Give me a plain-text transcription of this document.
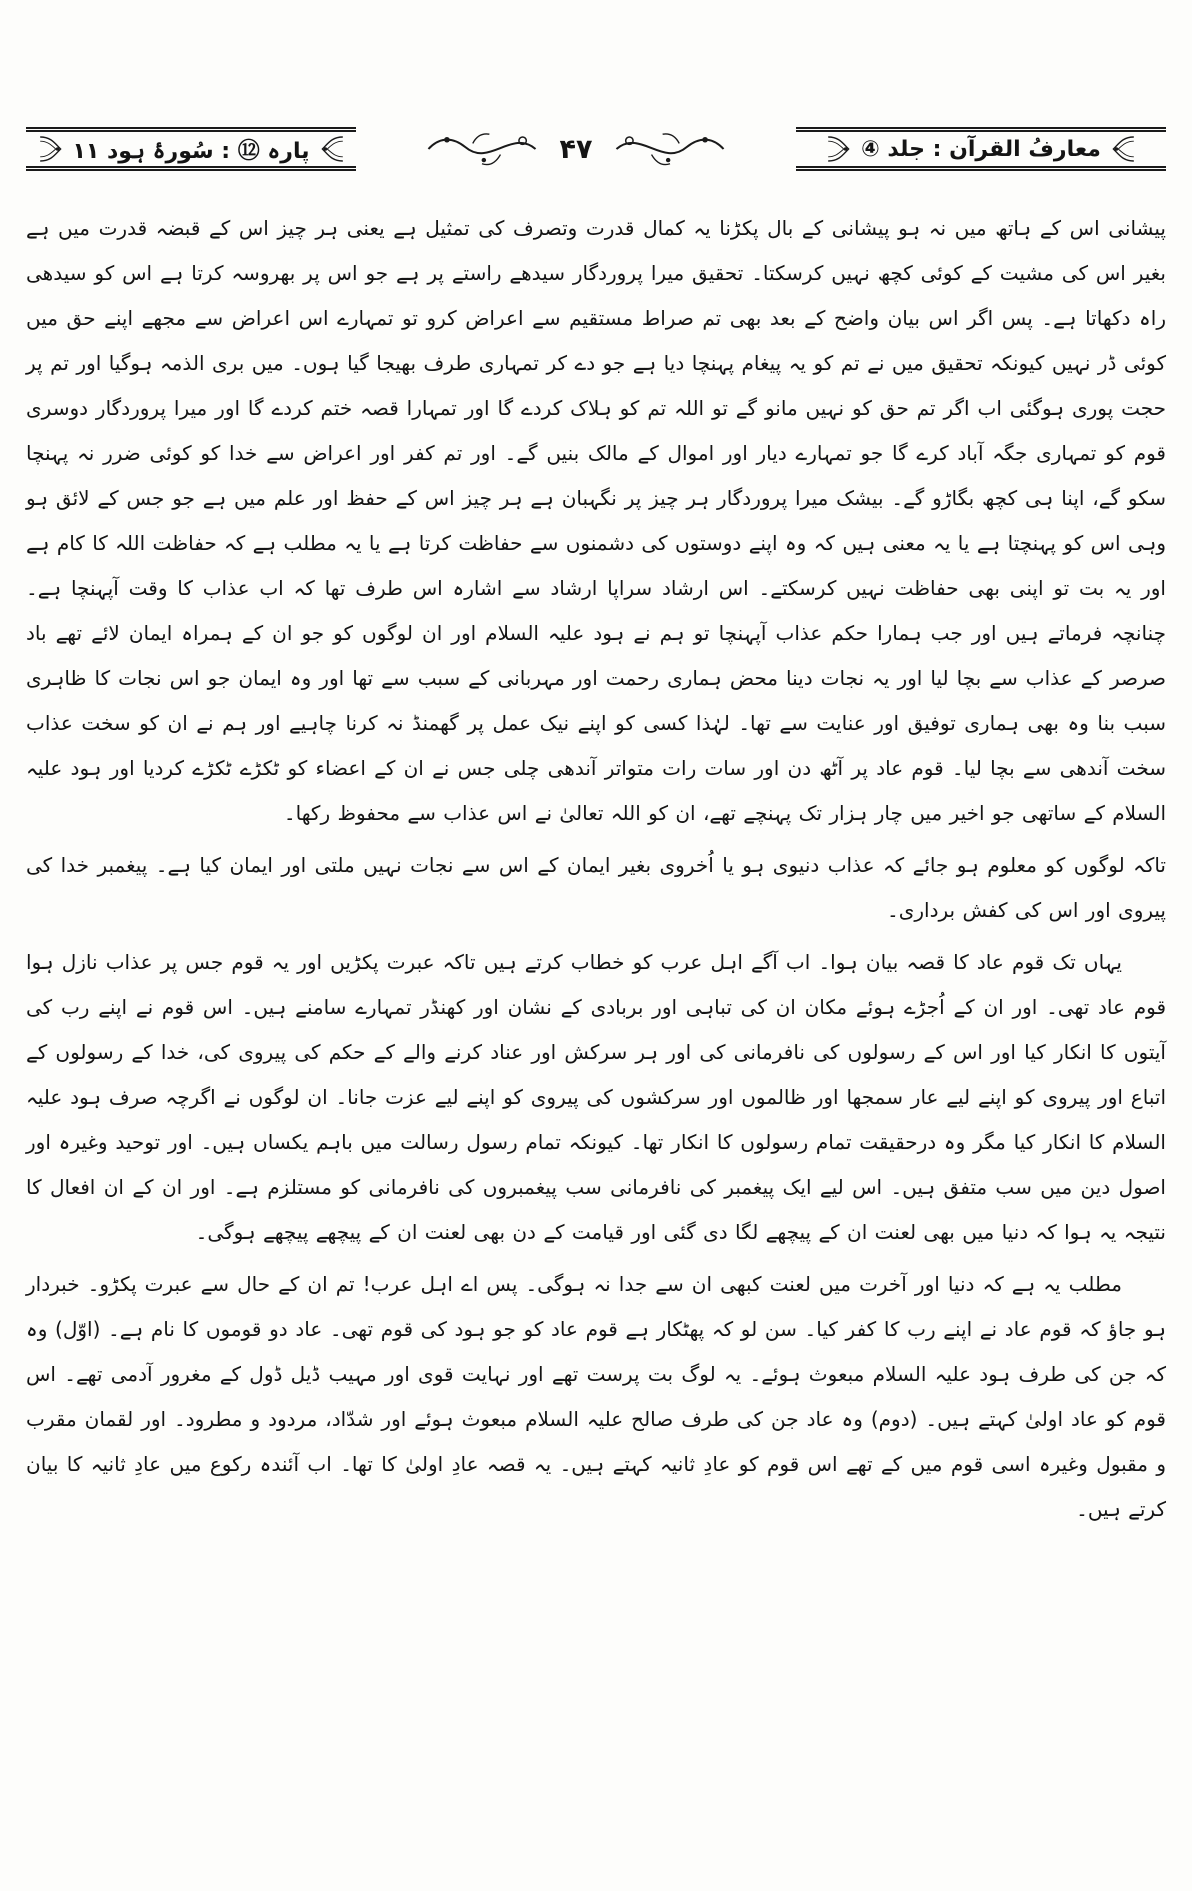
معارفُ القرآن : جلد ④
۴۷
پارہ ⑫ : سُورۂ ہود ۱۱

پیشانی اس کے ہاتھ میں نہ ہو پیشانی کے بال پکڑنا یہ کمال قدرت وتصرف کی تمثیل ہے یعنی ہر چیز اس کے قبضہ قدرت میں ہے بغیر اس کی مشیت کے کوئی کچھ نہیں کرسکتا۔ تحقیق میرا پروردگار سیدھے راستے پر ہے جو اس پر بھروسہ کرتا ہے اس کو سیدھی راہ دکھاتا ہے۔ پس اگر اس بیان واضح کے بعد بھی تم صراط مستقیم سے اعراض کرو تو تمہارے اس اعراض سے مجھے اپنے حق میں کوئی ڈر نہیں کیونکہ تحقیق میں نے تم کو یہ پیغام پہنچا دیا ہے جو دے کر تمہاری طرف بھیجا گیا ہوں۔ میں بری الذمہ ہوگیا اور تم پر حجت پوری ہوگئی اب اگر تم حق کو نہیں مانو گے تو اللہ تم کو ہلاک کردے گا اور تمہارا قصہ ختم کردے گا اور میرا پروردگار دوسری قوم کو تمہاری جگہ آباد کرے گا جو تمہارے دیار اور اموال کے مالک بنیں گے۔ اور تم کفر اور اعراض سے خدا کو کوئی ضرر نہ پہنچا سکو گے، اپنا ہی کچھ بگاڑو گے۔ بیشک میرا پروردگار ہر چیز پر نگہبان ہے ہر چیز اس کے حفظ اور علم میں ہے جو جس کے لائق ہو وہی اس کو پہنچتا ہے یا یہ معنی ہیں کہ وہ اپنے دوستوں کی دشمنوں سے حفاظت کرتا ہے یا یہ مطلب ہے کہ حفاظت اللہ کا کام ہے اور یہ بت تو اپنی بھی حفاظت نہیں کرسکتے۔ اس ارشاد سراپا ارشاد سے اشارہ اس طرف تھا کہ اب عذاب کا وقت آپہنچا ہے۔ چنانچہ فرماتے ہیں اور جب ہمارا حکم عذاب آپہنچا تو ہم نے ہود علیہ السلام اور ان لوگوں کو جو ان کے ہمراہ ایمان لائے تھے باد صرصر کے عذاب سے بچا لیا اور یہ نجات دینا محض ہماری رحمت اور مہربانی کے سبب سے تھا اور وہ ایمان جو اس نجات کا ظاہری سبب بنا وہ بھی ہماری توفیق اور عنایت سے تھا۔ لہٰذا کسی کو اپنے نیک عمل پر گھمنڈ نہ کرنا چاہیے اور ہم نے ان کو سخت عذاب سخت آندھی سے بچا لیا۔ قوم عاد پر آٹھ دن اور سات رات متواتر آندھی چلی جس نے ان کے اعضاء کو ٹکڑے ٹکڑے کردیا اور ہود علیہ السلام کے ساتھی جو اخیر میں چار ہزار تک پہنچے تھے، ان کو اللہ تعالیٰ نے اس عذاب سے محفوظ رکھا۔

تاکہ لوگوں کو معلوم ہو جائے کہ عذاب دنیوی ہو یا اُخروی بغیر ایمان کے اس سے نجات نہیں ملتی اور ایمان کیا ہے۔ پیغمبر خدا کی پیروی اور اس کی کفش برداری۔

یہاں تک قوم عاد کا قصہ بیان ہوا۔ اب آگے اہل عرب کو خطاب کرتے ہیں تاکہ عبرت پکڑیں اور یہ قوم جس پر عذاب نازل ہوا قوم عاد تھی۔ اور ان کے اُجڑے ہوئے مکان ان کی تباہی اور بربادی کے نشان اور کھنڈر تمہارے سامنے ہیں۔ اس قوم نے اپنے رب کی آیتوں کا انکار کیا اور اس کے رسولوں کی نافرمانی کی اور ہر سرکش اور عناد کرنے والے کے حکم کی پیروی کی، خدا کے رسولوں کے اتباع اور پیروی کو اپنے لیے عار سمجھا اور ظالموں اور سرکشوں کی پیروی کو اپنے لیے عزت جانا۔ ان لوگوں نے اگرچہ صرف ہود علیہ السلام کا انکار کیا مگر وہ درحقیقت تمام رسولوں کا انکار تھا۔ کیونکہ تمام رسول رسالت میں باہم یکساں ہیں۔ اور توحید وغیرہ اور اصول دین میں سب متفق ہیں۔ اس لیے ایک پیغمبر کی نافرمانی سب پیغمبروں کی نافرمانی کو مستلزم ہے۔ اور ان کے ان افعال کا نتیجہ یہ ہوا کہ دنیا میں بھی لعنت ان کے پیچھے لگا دی گئی اور قیامت کے دن بھی لعنت ان کے پیچھے پیچھے ہوگی۔

مطلب یہ ہے کہ دنیا اور آخرت میں لعنت کبھی ان سے جدا نہ ہوگی۔ پس اے اہل عرب! تم ان کے حال سے عبرت پکڑو۔ خبردار ہو جاؤ کہ قوم عاد نے اپنے رب کا کفر کیا۔ سن لو کہ پھٹکار ہے قوم عاد کو جو ہود کی قوم تھی۔ عاد دو قوموں کا نام ہے۔ (اوّل) وہ کہ جن کی طرف ہود علیہ السلام مبعوث ہوئے۔ یہ لوگ بت پرست تھے اور نہایت قوی اور مہیب ڈیل ڈول کے مغرور آدمی تھے۔ اس قوم کو عاد اولیٰ کہتے ہیں۔ (دوم) وہ عاد جن کی طرف صالح علیہ السلام مبعوث ہوئے اور شدّاد، مردود و مطرود۔ اور لقمان مقرب و مقبول وغیرہ اسی قوم میں کے تھے اس قوم کو عادِ ثانیہ کہتے ہیں۔ یہ قصہ عادِ اولیٰ کا تھا۔ اب آئندہ رکوع میں عادِ ثانیہ کا بیان کرتے ہیں۔
